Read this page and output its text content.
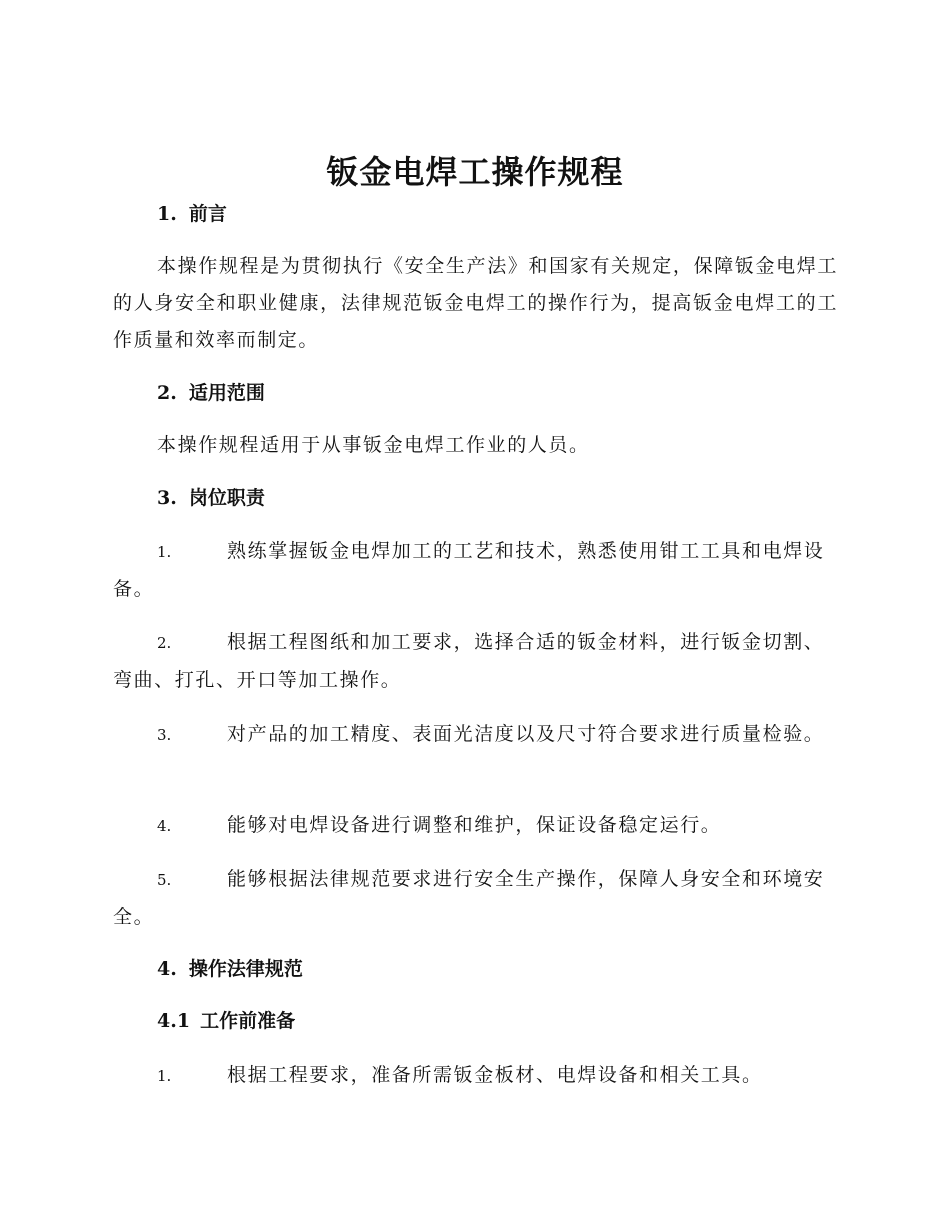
钣金电焊工操作规程
1. 前言
本操作规程是为贯彻执行《安全生产法》和国家有关规定，保障钣金电焊工的人身安全和职业健康，法律规范钣金电焊工的操作行为，提高钣金电焊工的工作质量和效率而制定。
2. 适用范围
本操作规程适用于从事钣金电焊工作业的人员。
3. 岗位职责
1.	熟练掌握钣金电焊加工的工艺和技术，熟悉使用钳工工具和电焊设备。
2.	根据工程图纸和加工要求，选择合适的钣金材料，进行钣金切割、弯曲、打孔、开口等加工操作。
3.	对产品的加工精度、表面光洁度以及尺寸符合要求进行质量检验。
4.	能够对电焊设备进行调整和维护，保证设备稳定运行。
5.	能够根据法律规范要求进行安全生产操作，保障人身安全和环境安全。
4. 操作法律规范
4.1 工作前准备
1.	根据工程要求，准备所需钣金板材、电焊设备和相关工具。
